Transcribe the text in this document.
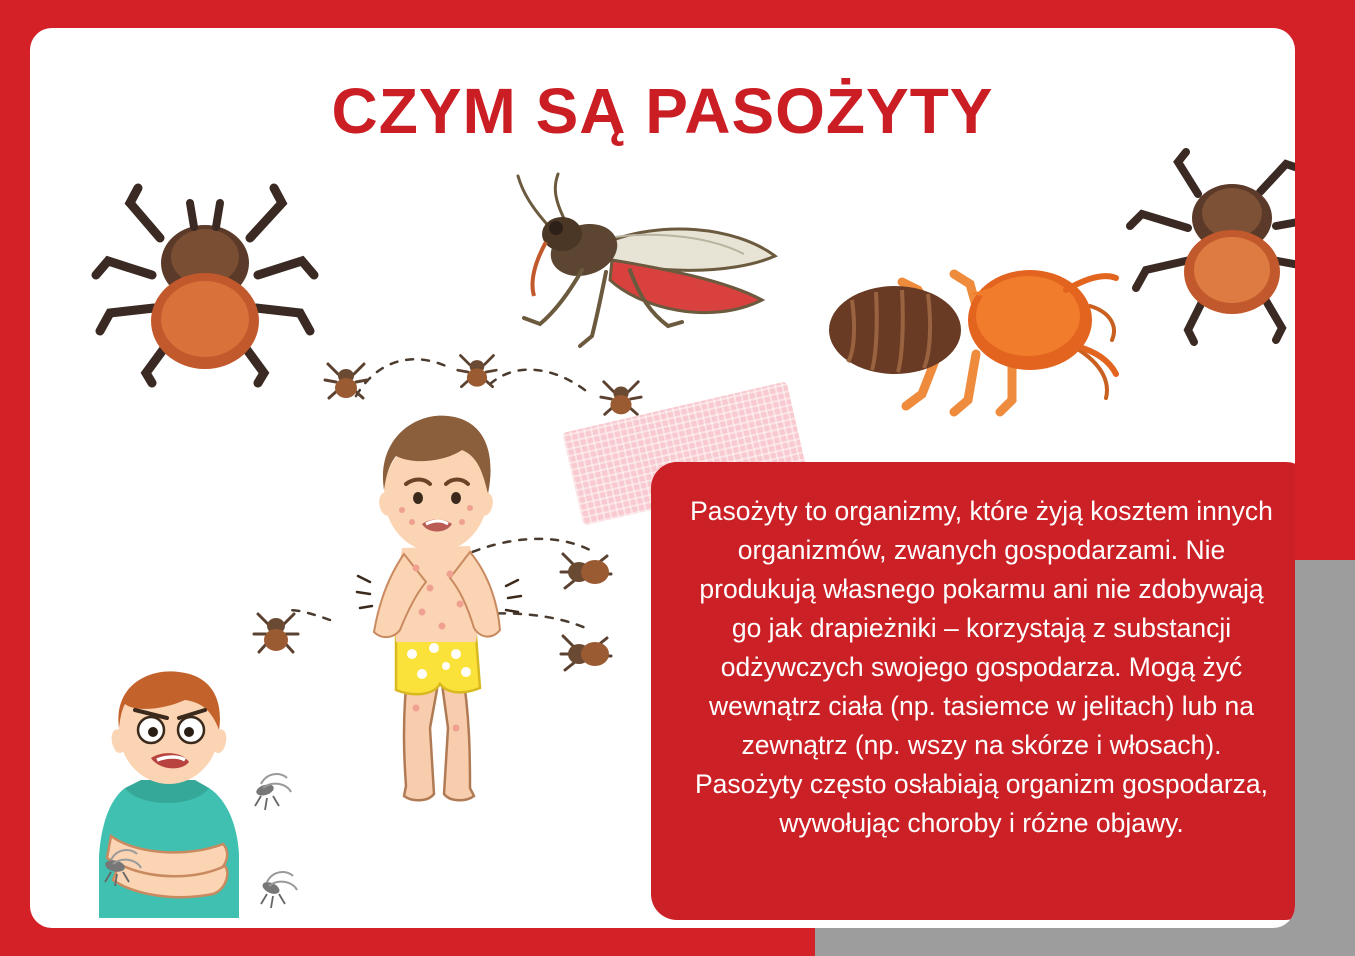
CZYM SĄ PASOŻYTY
Pasożyty to organizmy, które żyją kosztem innych organizmów, zwanych gospodarzami. Nie produkują własnego pokarmu ani nie zdobywają go jak drapieżniki – korzystają z substancji odżywczych swojego gospodarza. Mogą żyć wewnątrz ciała (np. tasiemce w jelitach) lub na zewnątrz (np. wszy na skórze i włosach). Pasożyty często osłabiają organizm gospodarza, wywołując choroby i różne objawy.
